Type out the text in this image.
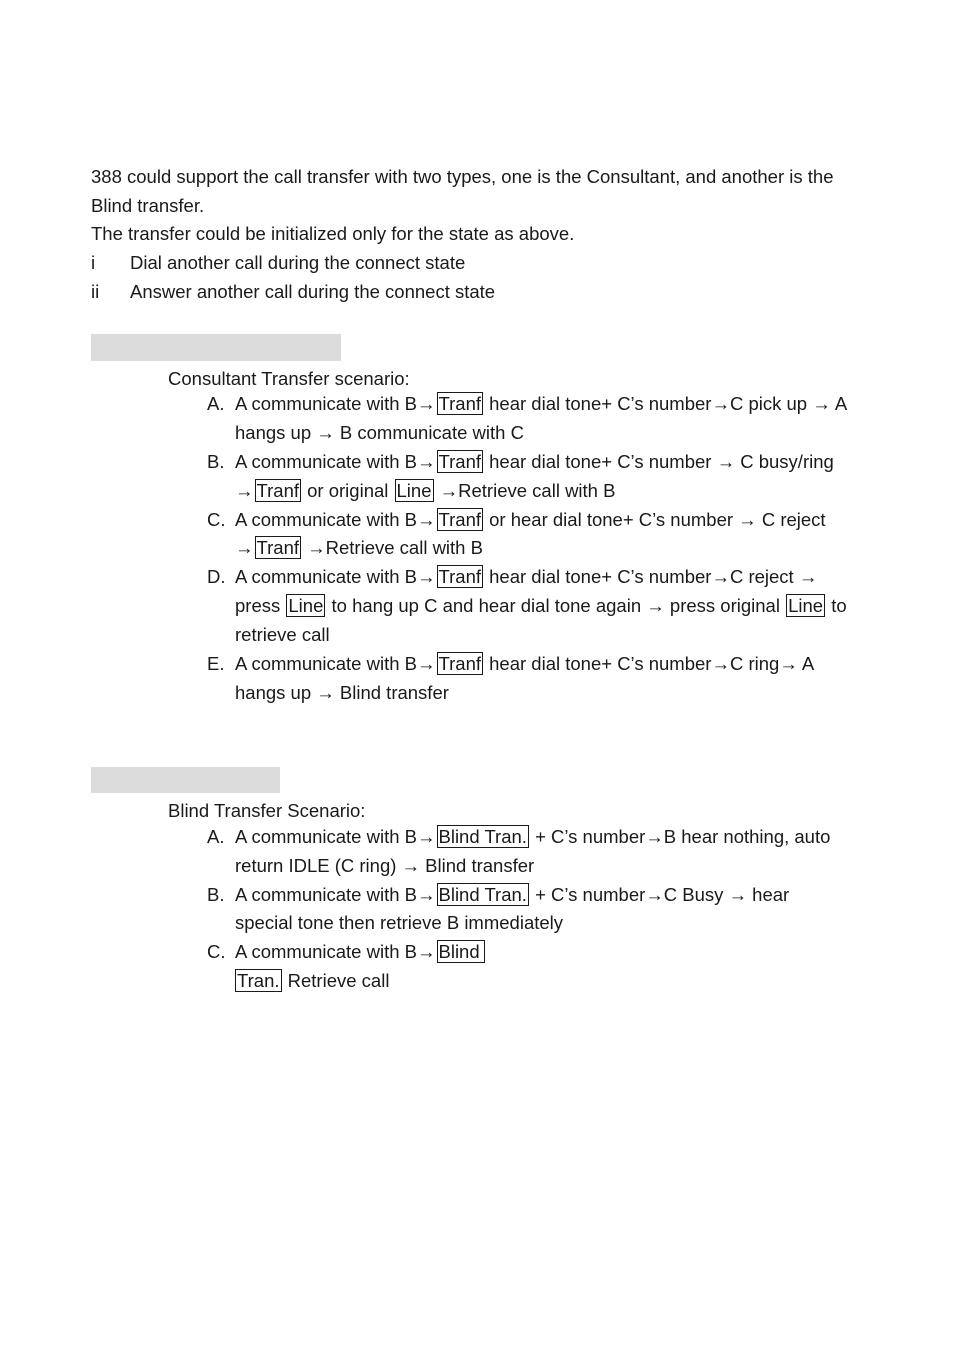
388 could support the call transfer with two types, one is the Consultant, and another is the
Blind transfer.
The transfer could be initialized only for the state as above.
i Dial another call during the connect state
ii Answer another call during the connect state
Consultant Transfer scenario:
A. A communicate with B→ Tranf hear dial tone+ C’s number→C pick up → A
hangs up → B communicate with C
B. A communicate with B→ Tranf hear dial tone+ C’s number → C busy/ring
→ Tranf or original Line →Retrieve call with B
C. A communicate with B→ Tranf or hear dial tone+ C’s number → C reject
→ Tranf →Retrieve call with B
D. A communicate with B→ Tranf hear dial tone+ C’s number→C reject →
press Line to hang up C and hear dial tone again → press original Line to
retrieve call
E. A communicate with B→ Tranf hear dial tone+ C’s number→C ring→ A
hangs up → Blind transfer
Blind Transfer Scenario:
A. A communicate with B→ Blind Tran. + C’s number→B hear nothing, auto
return IDLE (C ring) → Blind transfer
B. A communicate with B→ Blind Tran. + C’s number→C Busy → hear
special tone then retrieve B immediately
C. A communicate with B→ Blind
Tran. Retrieve call
